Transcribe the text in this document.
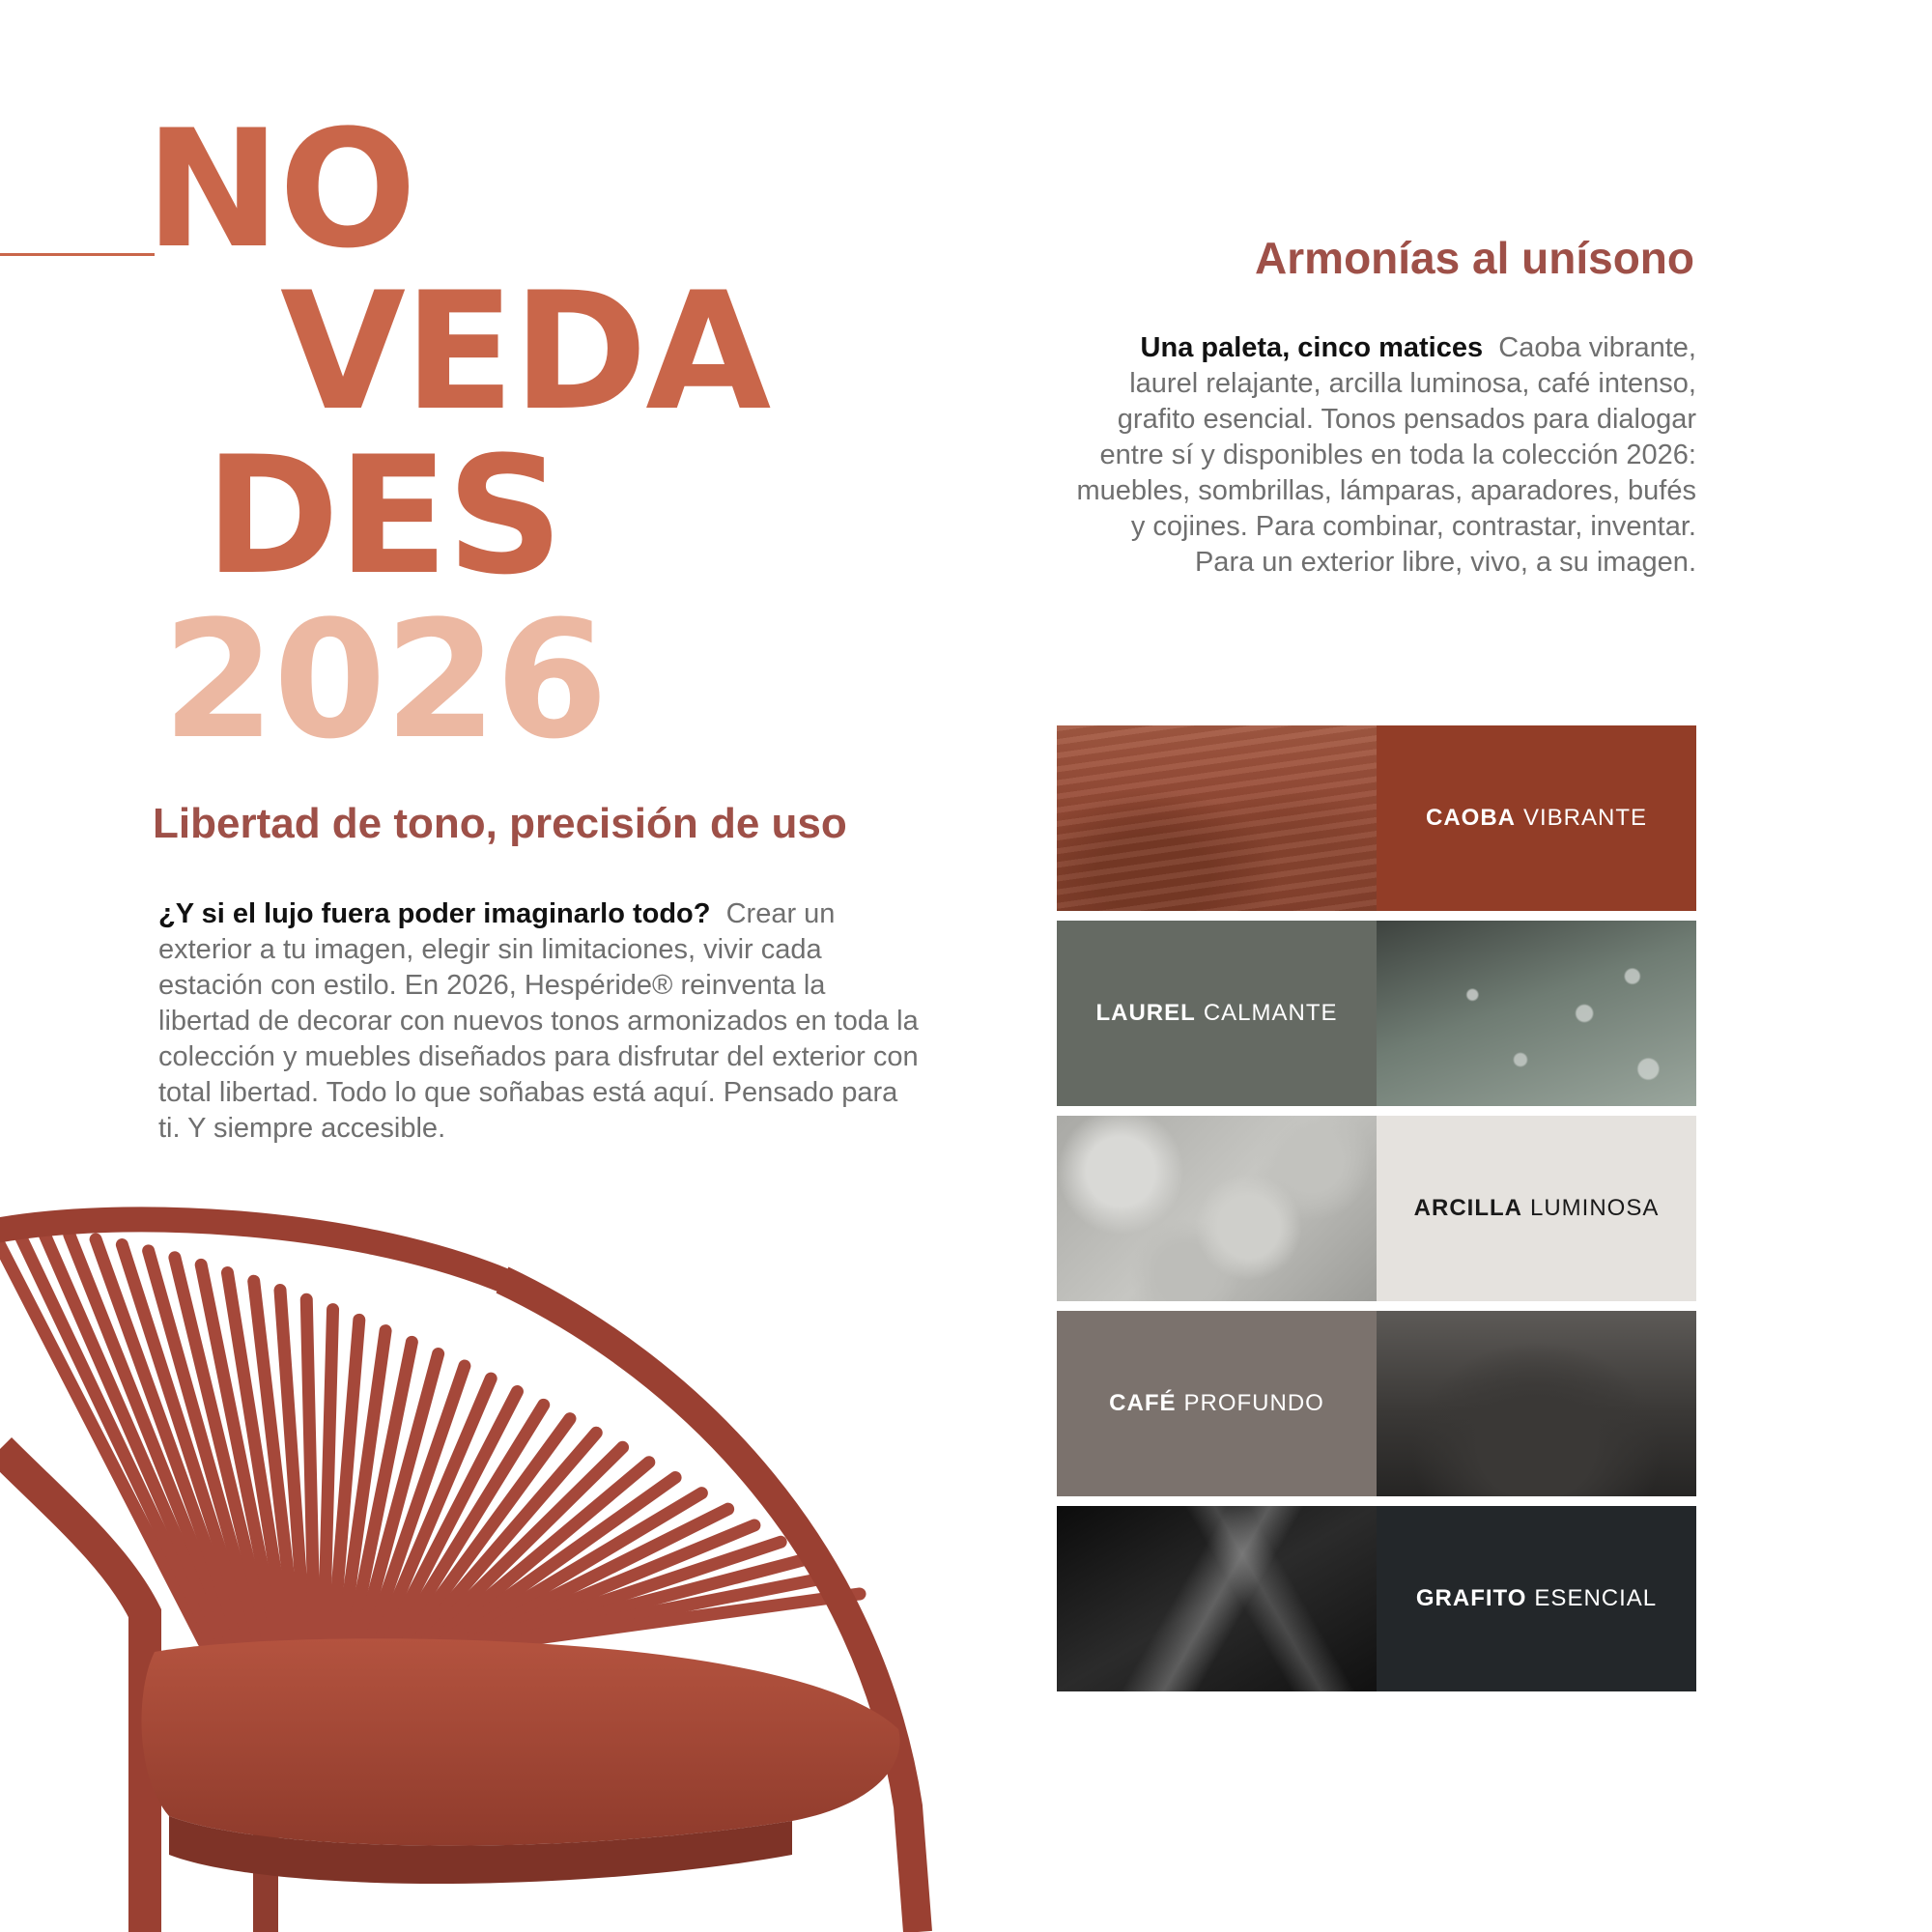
NO
VEDA
DES
2026
Armonías al unísono
Una paleta, cinco matices Caoba vibrante, laurel relajante, arcilla luminosa, café intenso, grafito esencial. Tonos pensados para dialogar entre sí y disponibles en toda la colección 2026: muebles, sombrillas, lámparas, aparadores, bufés y cojines. Para combinar, contrastar, inventar. Para un exterior libre, vivo, a su imagen.
Libertad de tono, precisión de uso
¿Y si el lujo fuera poder imaginarlo todo? Crear un exterior a tu imagen, elegir sin limitaciones, vivir cada estación con estilo. En 2026, Hespéride® reinventa la libertad de decorar con nuevos tonos armonizados en toda la colección y muebles diseñados para disfrutar del exterior con total libertad. Todo lo que soñabas está aquí. Pensado para ti. Y siempre accesible.
CAOBA VIBRANTE
LAUREL CALMANTE
ARCILLA LUMINOSA
CAFÉ PROFUNDO
GRAFITO ESENCIAL
